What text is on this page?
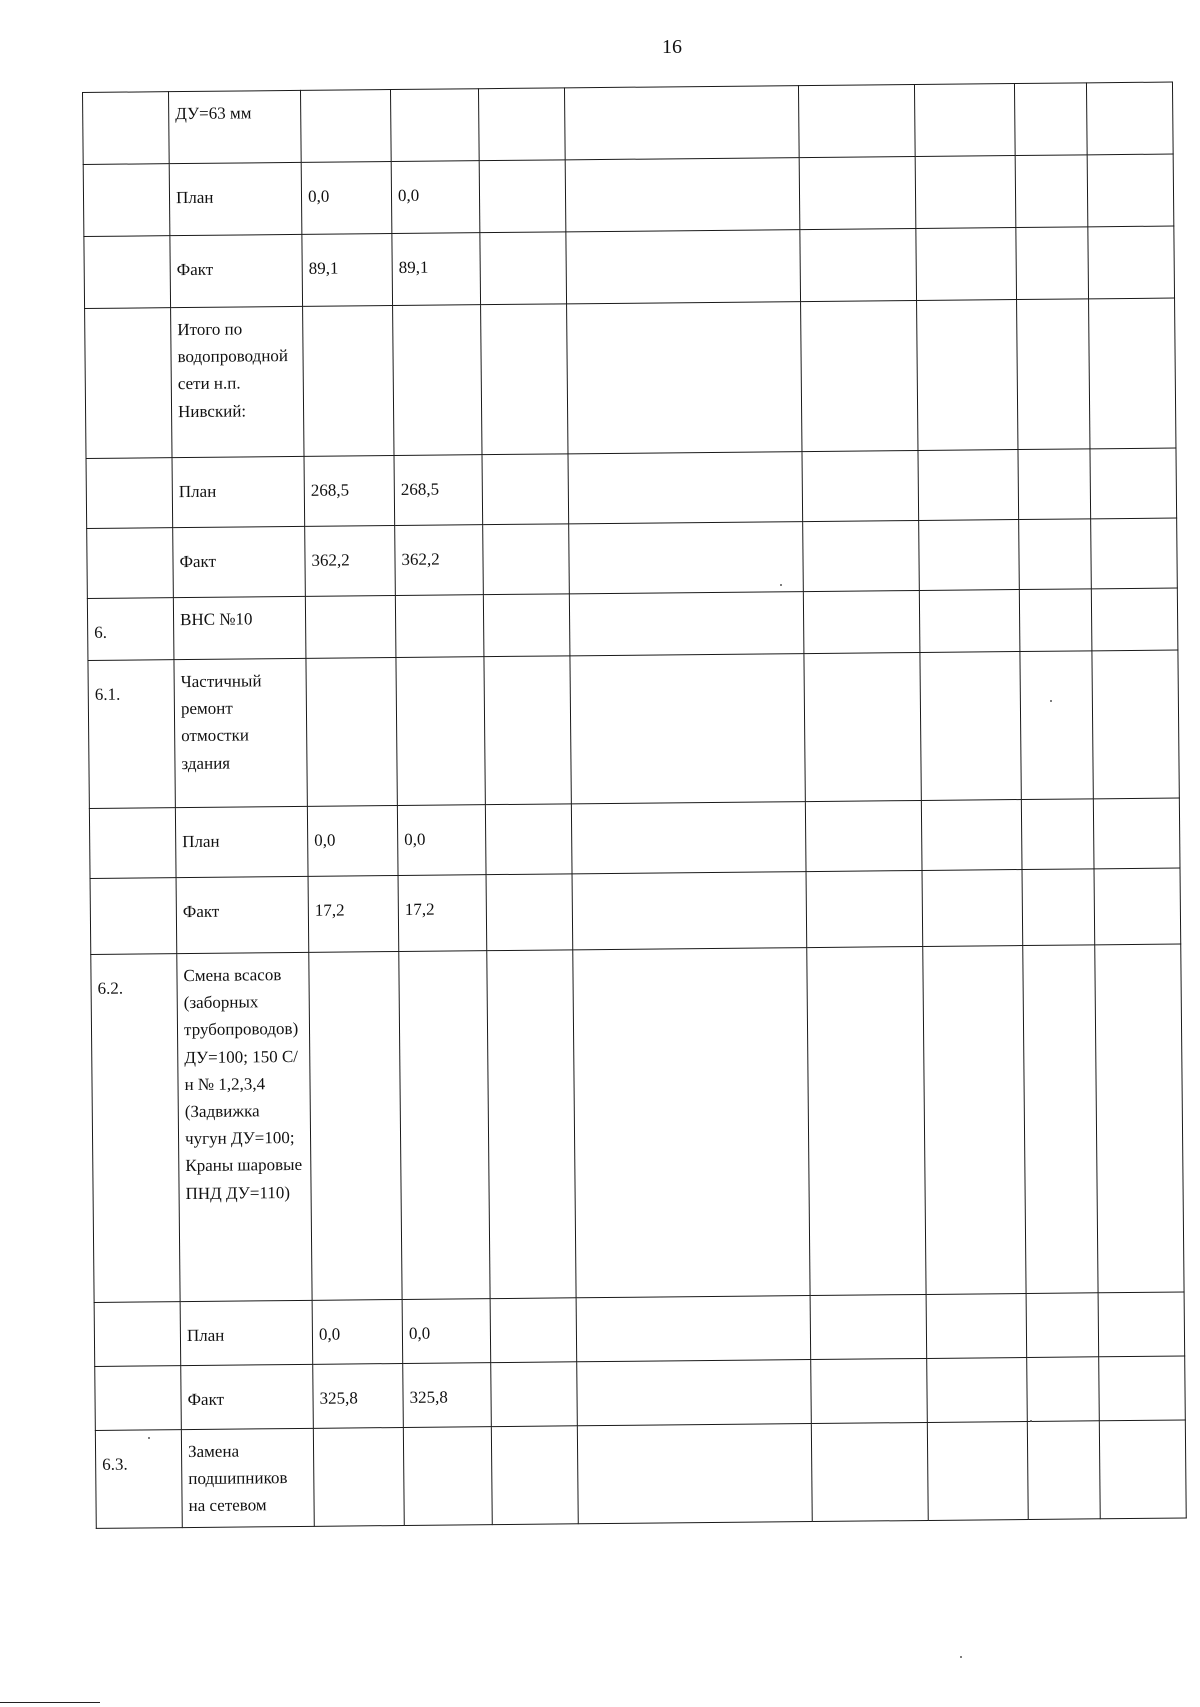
16
	ДУ=63 мм								
	План	0,0	0,0						
	Факт	89,1	89,1						
	Итого по водопроводной сети н.п. Нивский:								
	План	268,5	268,5						
	Факт	362,2	362,2						
6.	ВНС №10								
6.1.	Частичный ремонт отмостки здания								
	План	0,0	0,0						
	Факт	17,2	17,2						
6.2.	Смена всасов (заборных трубопроводов) ДУ=100; 150 С/н № 1,2,3,4 (Задвижка чугун ДУ=100; Краны шаровые ПНД ДУ=110)								
	План	0,0	0,0						
	Факт	325,8	325,8						
6.3.	Замена подшипников на сетевом								
